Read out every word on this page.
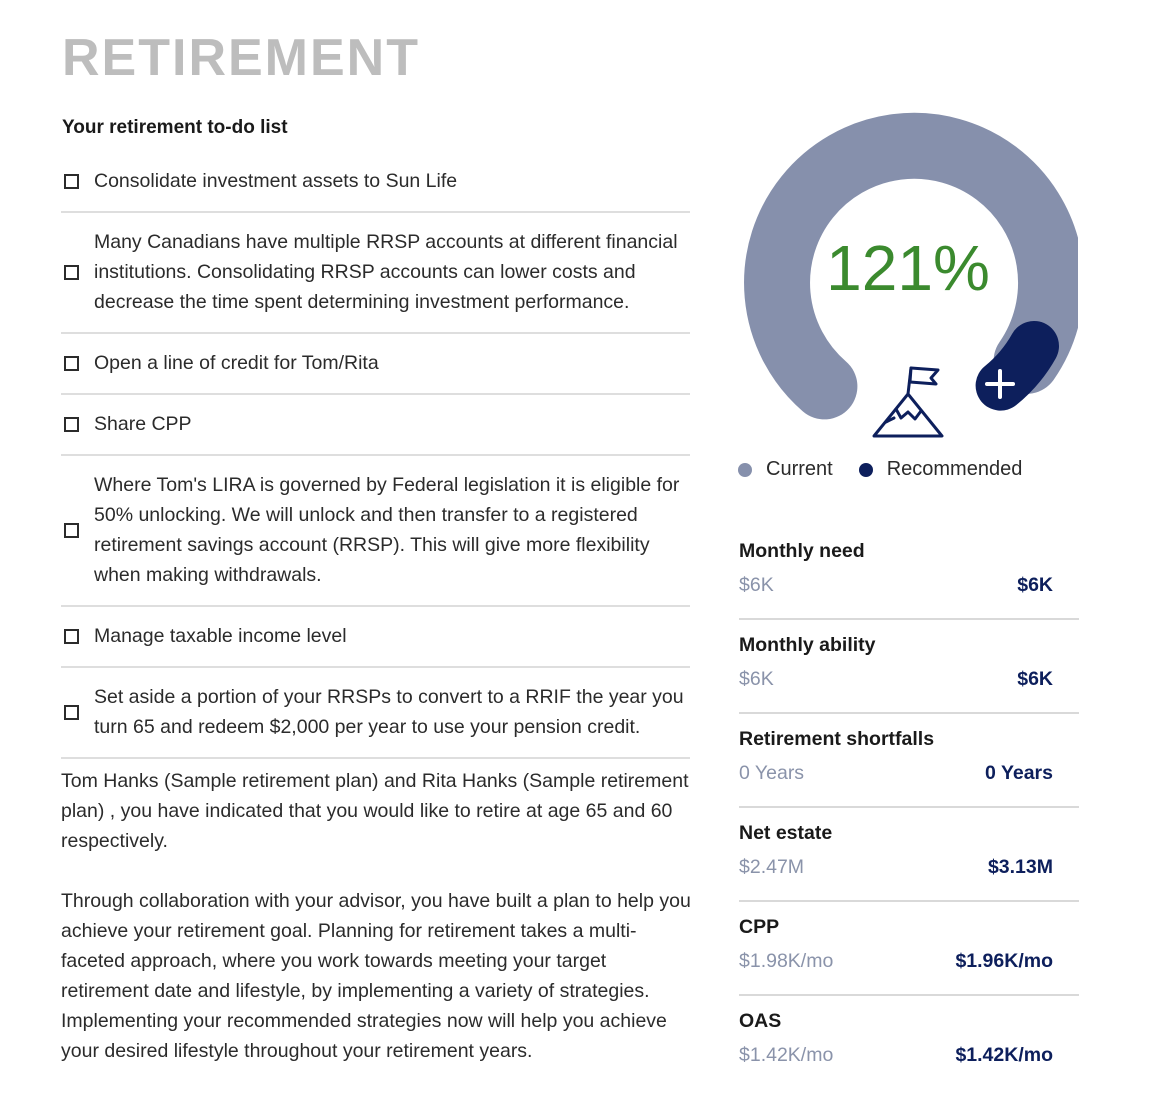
RETIREMENT
Your retirement to-do list
Consolidate investment assets to Sun Life
Many Canadians have multiple RRSP accounts at different financial institutions. Consolidating RRSP accounts can lower costs and decrease the time spent determining investment performance.
Open a line of credit for Tom/Rita
Share CPP
Where Tom's LIRA is governed by Federal legislation it is eligible for 50% unlocking. We will unlock and then transfer to a registered retirement savings account (RRSP). This will give more flexibility when making withdrawals.
Manage taxable income level
Set aside a portion of your RRSPs to convert to a RRIF the year you turn 65 and redeem $2,000 per year to use your pension credit.

Tom Hanks (Sample retirement plan) and Rita Hanks (Sample retirement plan) , you have indicated that you would like to retire at age 65 and 60 respectively.

Through collaboration with your advisor, you have built a plan to help you achieve your retirement goal. Planning for retirement takes a multi-faceted approach, where you work towards meeting your target retirement date and lifestyle, by implementing a variety of strategies. Implementing your recommended strategies now will help you achieve your desired lifestyle throughout your retirement years.

121%
Current	Recommended
Monthly need
$6K	$6K
Monthly ability
$6K	$6K
Retirement shortfalls
0 Years	0 Years
Net estate
$2.47M	$3.13M
CPP
$1.98K/mo	$1.96K/mo
OAS
$1.42K/mo	$1.42K/mo
